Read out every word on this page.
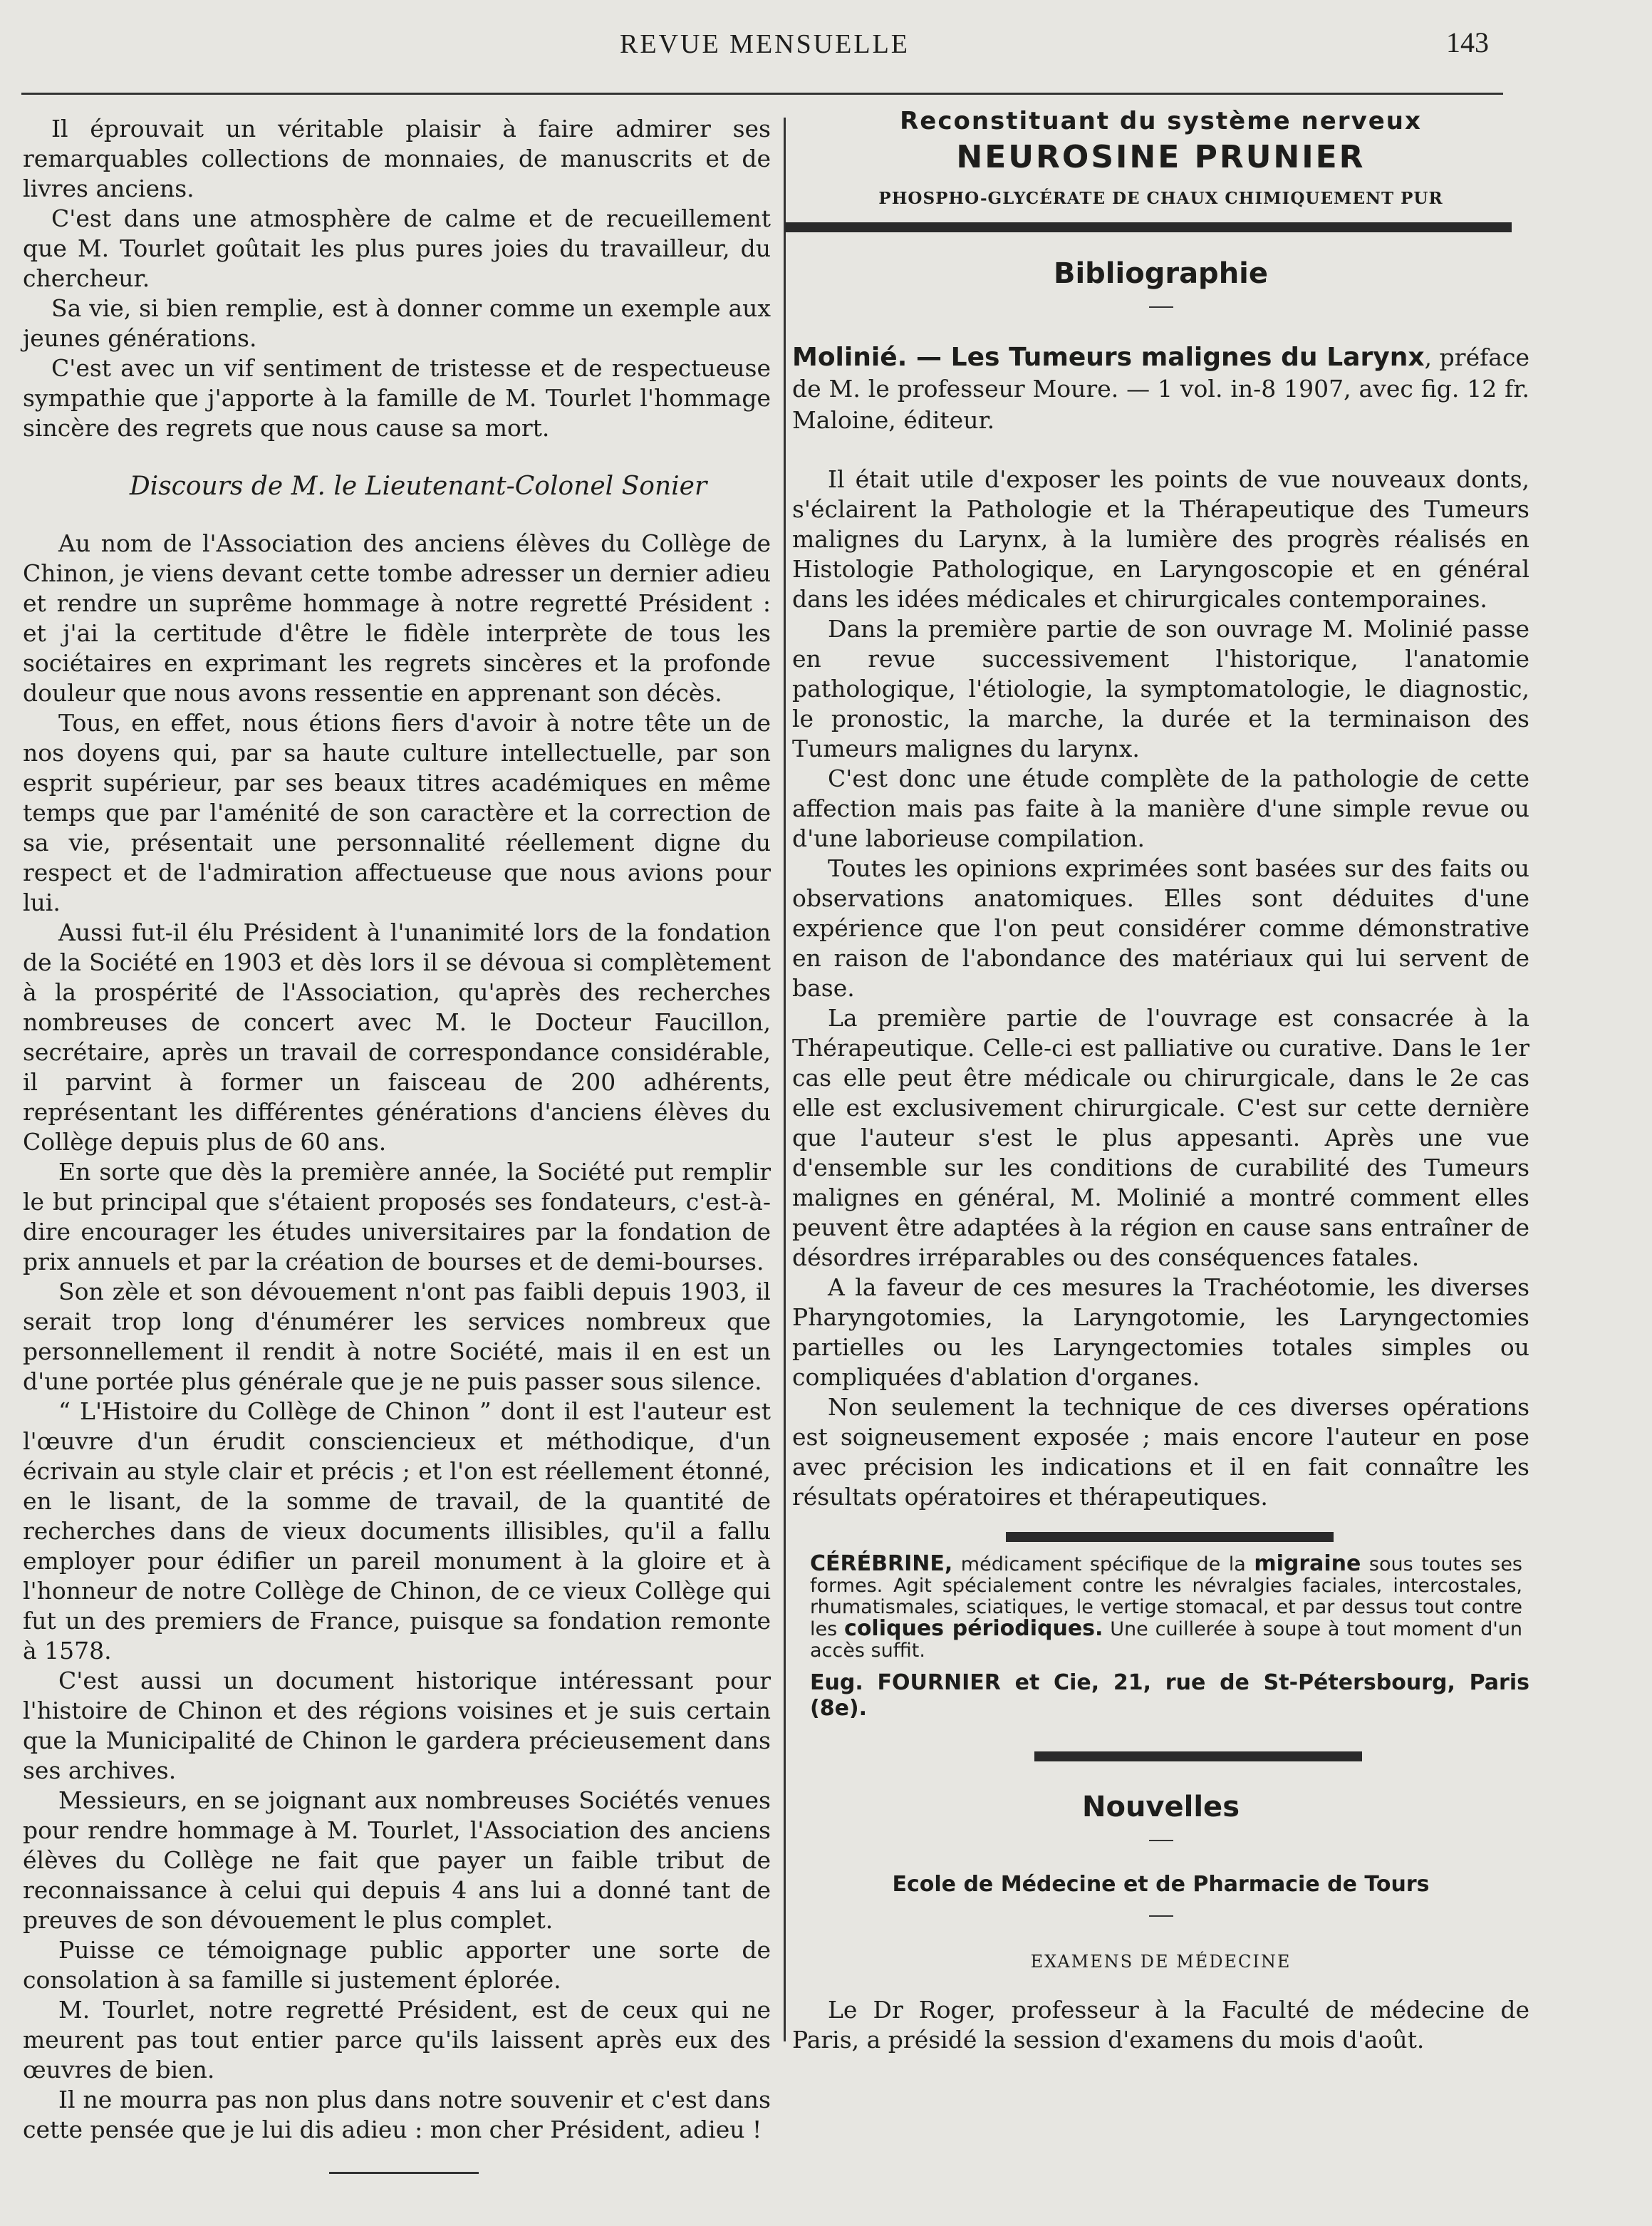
REVUE MENSUELLE	143

Il éprouvait un véritable plaisir à faire admirer ses remarquables collections de monnaies, de manuscrits et de livres anciens.

C'est dans une atmosphère de calme et de recueillement que M. Tourlet goûtait les plus pures joies du travailleur, du chercheur.

Sa vie, si bien remplie, est à donner comme un exemple aux jeunes générations.

C'est avec un vif sentiment de tristesse et de respectueuse sympathie que j'apporte à la famille de M. Tourlet l'hommage sincère des regrets que nous cause sa mort.

Discours de M. le Lieutenant-Colonel Sonier

Au nom de l'Association des anciens élèves du Collège de Chinon, je viens devant cette tombe adresser un dernier adieu et rendre un suprême hommage à notre regretté Président : et j'ai la certitude d'être le fidèle interprète de tous les sociétaires en exprimant les regrets sincères et la profonde douleur que nous avons ressentie en apprenant son décès.

Tous, en effet, nous étions fiers d'avoir à notre tête un de nos doyens qui, par sa haute culture intellectuelle, par son esprit supérieur, par ses beaux titres académiques en même temps que par l'aménité de son caractère et la correction de sa vie, présentait une personnalité réellement digne du respect et de l'admiration affectueuse que nous avions pour lui.

Aussi fut-il élu Président à l'unanimité lors de la fondation de la Société en 1903 et dès lors il se dévoua si complètement à la prospérité de l'Association, qu'après des recherches nombreuses de concert avec M. le Docteur Faucillon, secrétaire, après un travail de correspondance considérable, il parvint à former un faisceau de 200 adhérents, représentant les différentes générations d'anciens élèves du Collège depuis plus de 60 ans.

En sorte que dès la première année, la Société put remplir le but principal que s'étaient proposés ses fondateurs, c'est-à-dire encourager les études universitaires par la fondation de prix annuels et par la création de bourses et de demi-bourses.

Son zèle et son dévouement n'ont pas faibli depuis 1903, il serait trop long d'énumérer les services nombreux que personnellement il rendit à notre Société, mais il en est un d'une portée plus générale que je ne puis passer sous silence.

“ L'Histoire du Collège de Chinon ” dont il est l'auteur est l'œuvre d'un érudit consciencieux et méthodique, d'un écrivain au style clair et précis ; et l'on est réellement étonné, en le lisant, de la somme de travail, de la quantité de recherches dans de vieux documents illisibles, qu'il a fallu employer pour édifier un pareil monument à la gloire et à l'honneur de notre Collège de Chinon, de ce vieux Collège qui fut un des premiers de France, puisque sa fondation remonte à 1578.

C'est aussi un document historique intéressant pour l'histoire de Chinon et des régions voisines et je suis certain que la Municipalité de Chinon le gardera précieusement dans ses archives.

Messieurs, en se joignant aux nombreuses Sociétés venues pour rendre hommage à M. Tourlet, l'Association des anciens élèves du Collège ne fait que payer un faible tribut de reconnaissance à celui qui depuis 4 ans lui a donné tant de preuves de son dévouement le plus complet.

Puisse ce témoignage public apporter une sorte de consolation à sa famille si justement éplorée.

M. Tourlet, notre regretté Président, est de ceux qui ne meurent pas tout entier parce qu'ils laissent après eux des œuvres de bien.

Il ne mourra pas non plus dans notre souvenir et c'est dans cette pensée que je lui dis adieu : mon cher Président, adieu !

Reconstituant du système nerveux
NEUROSINE PRUNIER
PHOSPHO-GLYCÉRATE DE CHAUX CHIMIQUEMENT PUR
Bibliographie

Molinié. — Les Tumeurs malignes du Larynx, préface de M. le professeur Moure. — 1 vol. in-8 1907, avec fig. 12 fr. Maloine, éditeur.

Il était utile d'exposer les points de vue nouveaux donts, s'éclairent la Pathologie et la Thérapeutique des Tumeurs malignes du Larynx, à la lumière des progrès réalisés en Histologie Pathologique, en Laryngoscopie et en général dans les idées médicales et chirurgicales contemporaines.

Dans la première partie de son ouvrage M. Molinié passe en revue successivement l'historique, l'anatomie pathologique, l'étiologie, la symptomatologie, le diagnostic, le pronostic, la marche, la durée et la terminaison des Tumeurs malignes du larynx.

C'est donc une étude complète de la pathologie de cette affection mais pas faite à la manière d'une simple revue ou d'une laborieuse compilation.

Toutes les opinions exprimées sont basées sur des faits ou observations anatomiques. Elles sont déduites d'une expérience que l'on peut considérer comme démonstrative en raison de l'abondance des matériaux qui lui servent de base.

La première partie de l'ouvrage est consacrée à la Thérapeutique. Celle-ci est palliative ou curative. Dans le 1er cas elle peut être médicale ou chirurgicale, dans le 2e cas elle est exclusivement chirurgicale. C'est sur cette dernière que l'auteur s'est le plus appesanti. Après une vue d'ensemble sur les conditions de curabilité des Tumeurs malignes en général, M. Molinié a montré comment elles peuvent être adaptées à la région en cause sans entraîner de désordres irréparables ou des conséquences fatales.

A la faveur de ces mesures la Trachéotomie, les diverses Pharyngotomies, la Laryngotomie, les Laryngectomies partielles ou les Laryngectomies totales simples ou compliquées d'ablation d'organes.

Non seulement la technique de ces diverses opérations est soigneusement exposée ; mais encore l'auteur en pose avec précision les indications et il en fait connaître les résultats opératoires et thérapeutiques.

CÉRÉBRINE, médicament spécifique de la migraine sous toutes ses formes. Agit spécialement contre les névralgies faciales, intercostales, rhumatismales, sciatiques, le vertige stomacal, et par dessus tout contre les coliques périodiques. Une cuillerée à soupe à tout moment d'un accès suffit.
Eug. FOURNIER et Cie, 21, rue de St-Pétersbourg, Paris (8e).
Nouvelles
Ecole de Médecine et de Pharmacie de Tours
EXAMENS DE MÉDECINE

Le Dr Roger, professeur à la Faculté de médecine de Paris, a présidé la session d'examens du mois d'août.
